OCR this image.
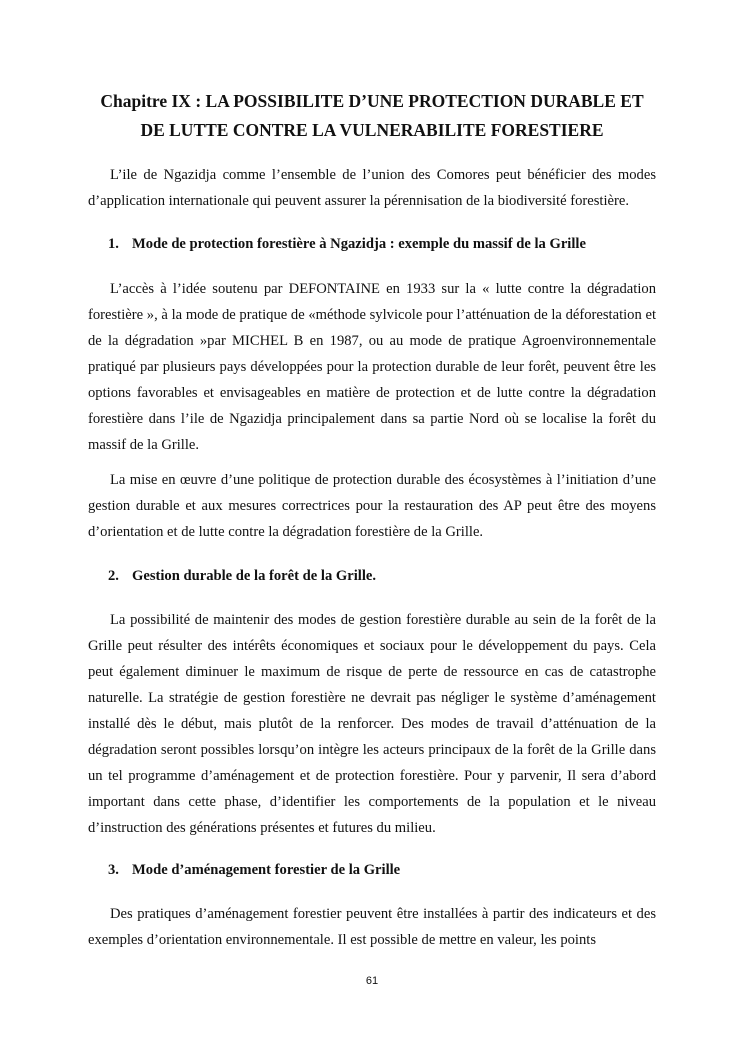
Chapitre IX : LA POSSIBILITE D’UNE PROTECTION DURABLE ET
DE LUTTE CONTRE LA VULNERABILITE FORESTIERE
L’ile de Ngazidja comme l’ensemble de l’union des Comores peut bénéficier des modes d’application internationale qui peuvent assurer la pérennisation de la biodiversité forestière.
1. Mode de protection forestière à Ngazidja : exemple du massif de la Grille
L’accès à l’idée soutenu par DEFONTAINE en 1933 sur la « lutte contre la dégradation forestière », à la mode de pratique de «méthode sylvicole pour l’atténuation de la déforestation et de la dégradation »par MICHEL B en 1987, ou au mode de pratique Agroenvironnementale pratiqué par plusieurs pays développées pour la protection durable de leur forêt, peuvent être les options favorables et envisageables en matière de protection et de lutte contre la dégradation forestière dans l’ile de Ngazidja principalement dans sa partie Nord où se localise la forêt du massif de la Grille.
La mise en œuvre d’une politique de protection durable des écosystèmes à l’initiation d’une gestion durable et aux mesures correctrices pour la restauration des AP peut être des moyens d’orientation et de lutte contre la dégradation forestière de la Grille.
2. Gestion durable de la forêt de la Grille.
La possibilité de maintenir des modes de gestion forestière durable au sein de la forêt de la Grille peut résulter des intérêts économiques et sociaux pour le développement du pays. Cela peut également diminuer le maximum de risque de perte de ressource en cas de catastrophe naturelle. La stratégie de gestion forestière ne devrait pas négliger le système d’aménagement installé dès le début, mais plutôt de la renforcer. Des modes de travail d’atténuation de la dégradation seront possibles lorsqu’on intègre les acteurs principaux de la forêt de la Grille dans un tel programme d’aménagement et de protection forestière. Pour y parvenir, Il sera d’abord important dans cette phase, d’identifier les comportements de la population et le niveau d’instruction des générations présentes et futures du milieu.
3. Mode d’aménagement forestier de la Grille
Des pratiques d’aménagement forestier peuvent être installées à partir des indicateurs et des exemples d’orientation environnementale. Il est possible de mettre en valeur, les points
61
